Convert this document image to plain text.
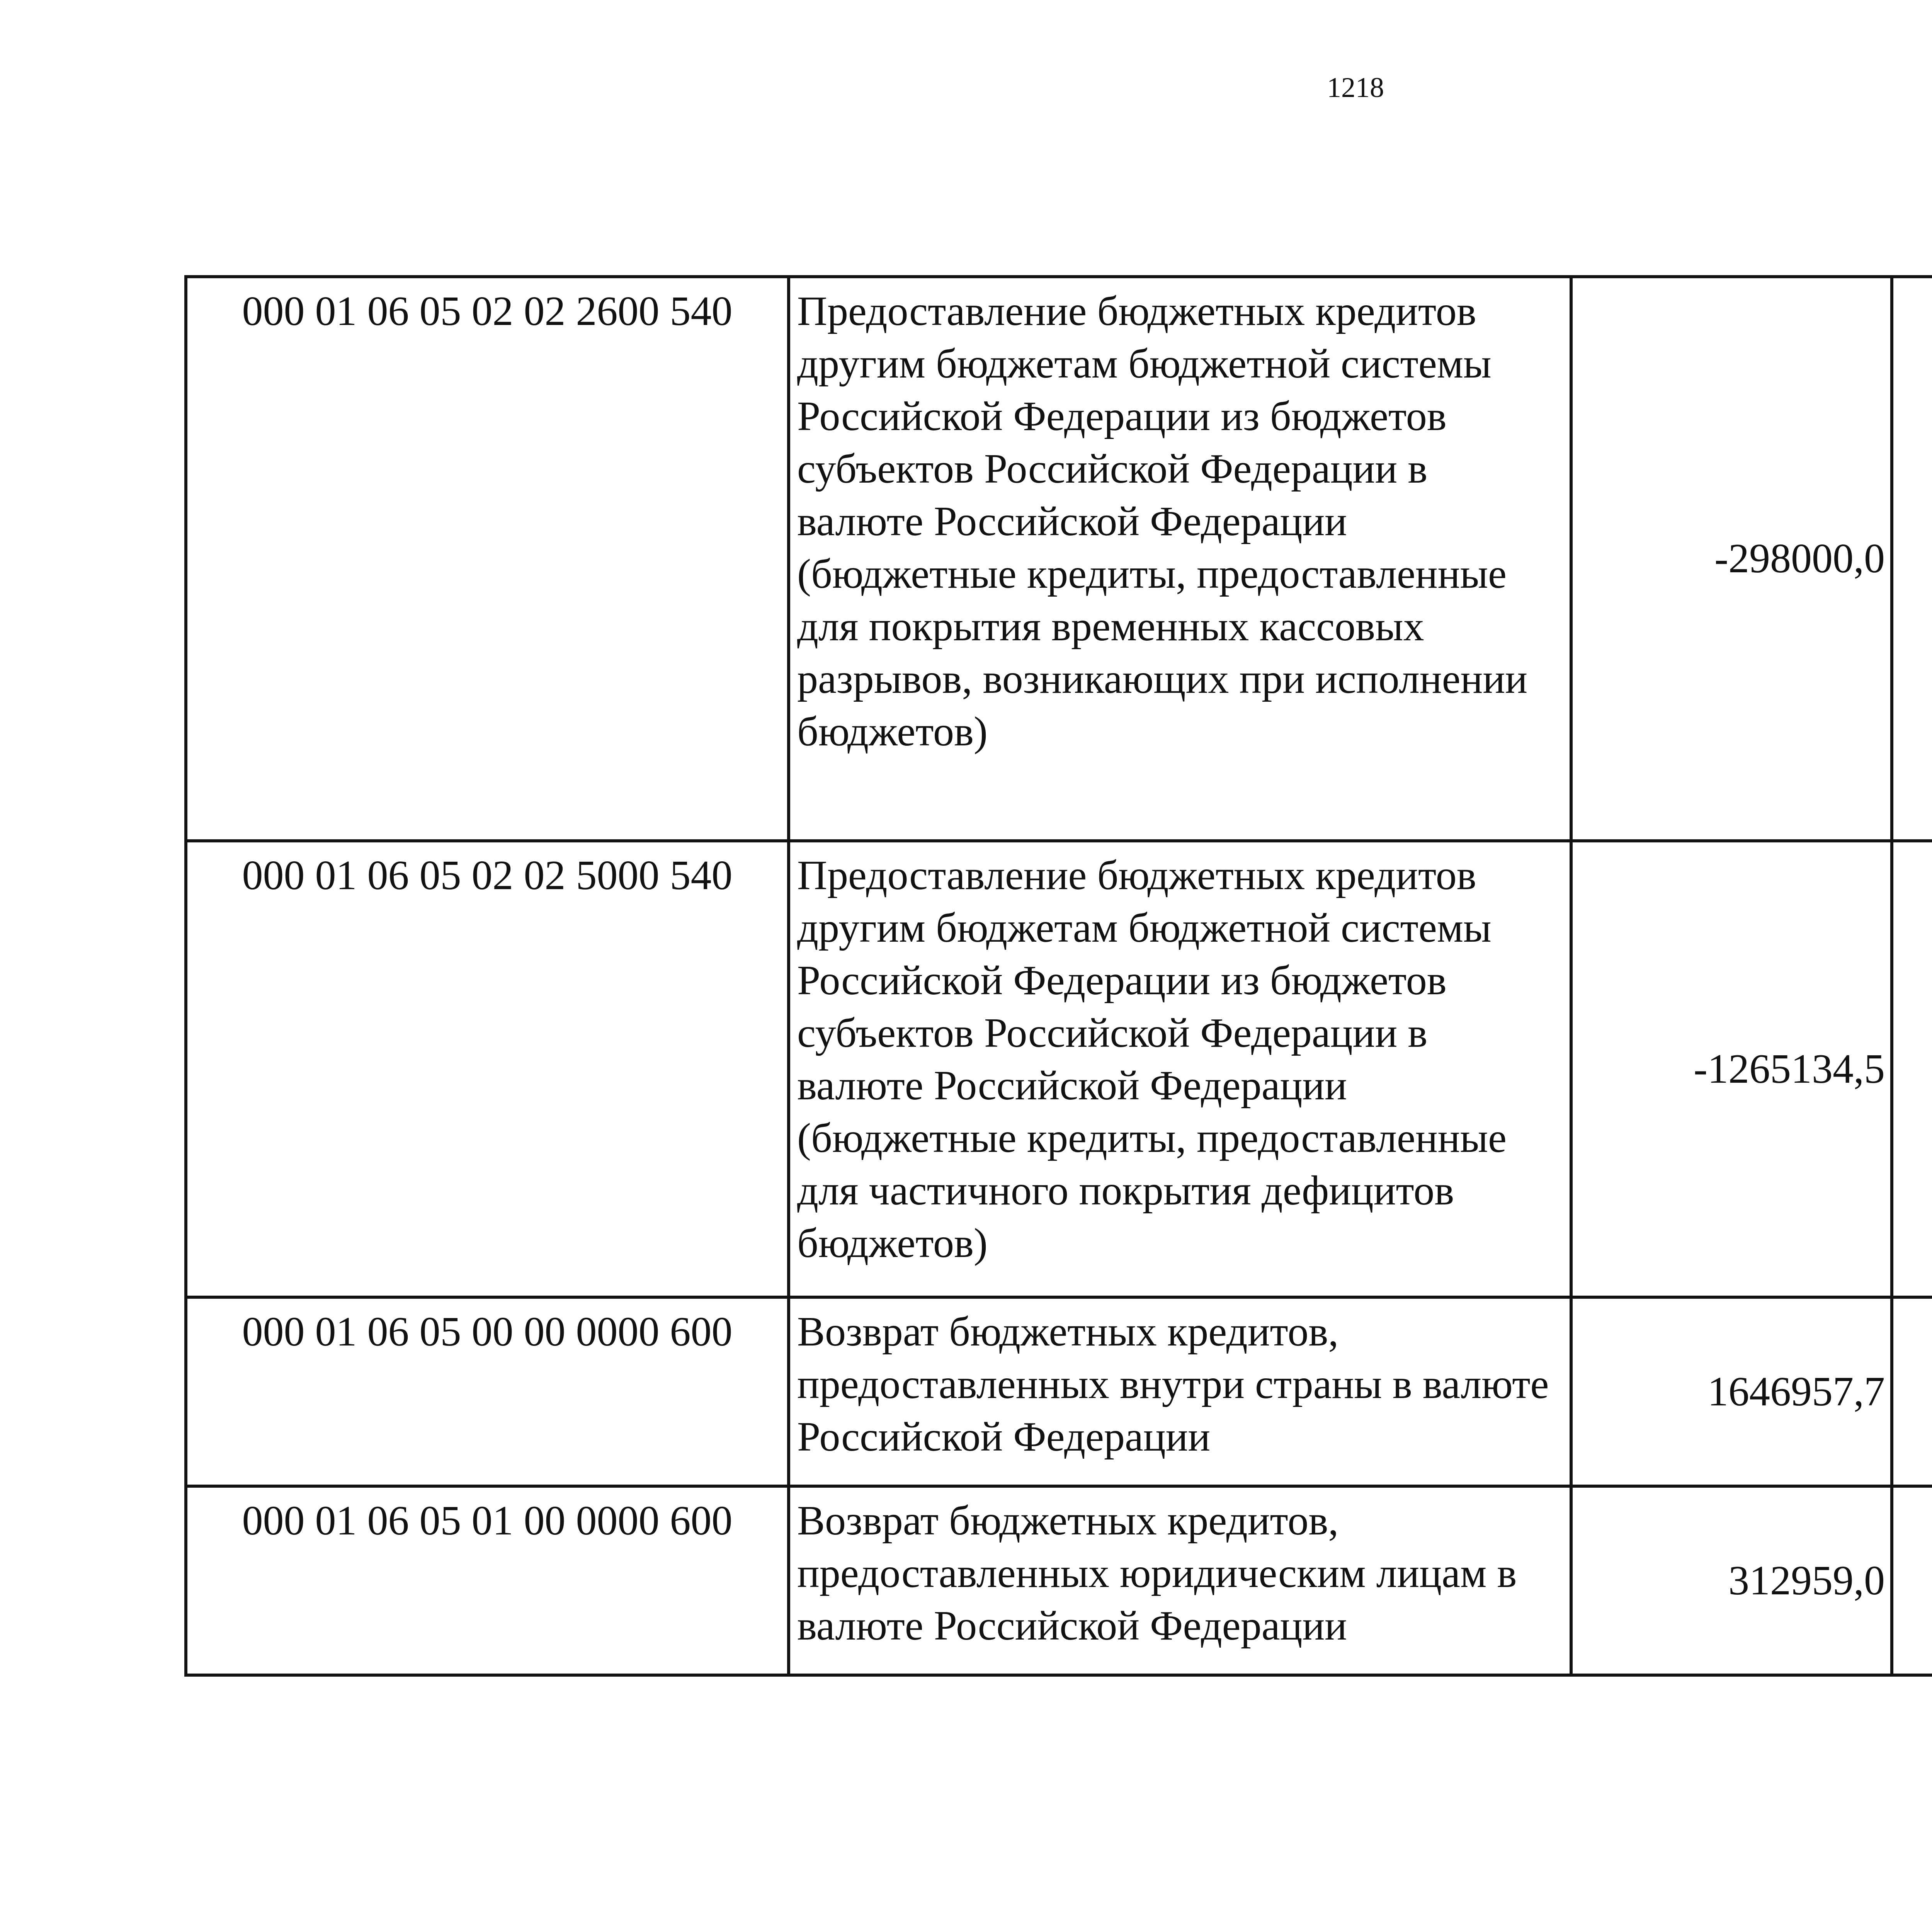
1218
000 01 06 05 02 02 2600 540	Предоставление бюджетных кредитов другим бюджетам бюджетной системы Российской Федерации из бюджетов субъектов Российской Федерации в валюте Российской Федерации (бюджетные кредиты, предоставленные для покрытия временных кассовых разрывов, возникающих при исполнении бюджетов)	-298000,0		
000 01 06 05 02 02 5000 540	Предоставление бюджетных кредитов другим бюджетам бюджетной системы Российской Федерации из бюджетов субъектов Российской Федерации в валюте Российской Федерации (бюджетные кредиты, предоставленные для частичного покрытия дефицитов бюджетов)	-1265134,5		
000 01 06 05 00 00 0000 600	Возврат бюджетных кредитов, предоставленных внутри страны в валюте Российской Федерации	1646957,7		
000 01 06 05 01 00 0000 600	Возврат бюджетных кредитов, предоставленных юридическим лицам в валюте Российской Федерации	312959,0		
